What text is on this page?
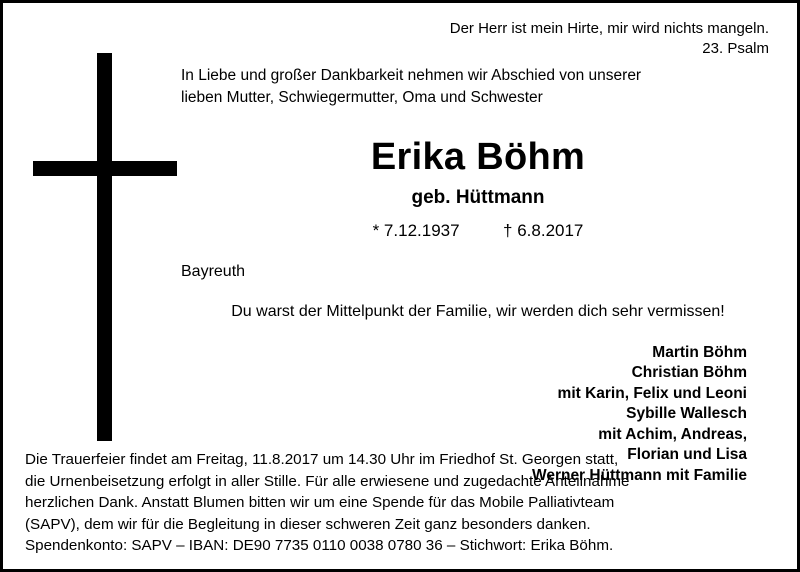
Der Herr ist mein Hirte, mir wird nichts mangeln.
23. Psalm
In Liebe und großer Dankbarkeit nehmen wir Abschied von unserer
lieben Mutter, Schwiegermutter, Oma und Schwester
Erika Böhm
geb. Hüttmann
* 7.12.1937	† 6.8.2017
Bayreuth
Du warst der Mittelpunkt der Familie, wir werden dich sehr vermissen!
Martin Böhm
Christian Böhm
mit Karin, Felix und Leoni
Sybille Wallesch
mit Achim, Andreas,
Florian und Lisa
Werner Hüttmann mit Familie

Die Trauerfeier findet am Freitag, 11.8.2017 um 14.30 Uhr im Friedhof St. Georgen statt,

die Urnenbeisetzung erfolgt in aller Stille. Für alle erwiesene und zugedachte Anteilnahme

herzlichen Dank. Anstatt Blumen bitten wir um eine Spende für das Mobile Palliativteam

(SAPV), dem wir für die Begleitung in dieser schweren Zeit ganz besonders danken.

Spendenkonto: SAPV – IBAN: DE90 7735 0110 0038 0780 36 – Stichwort: Erika Böhm.
